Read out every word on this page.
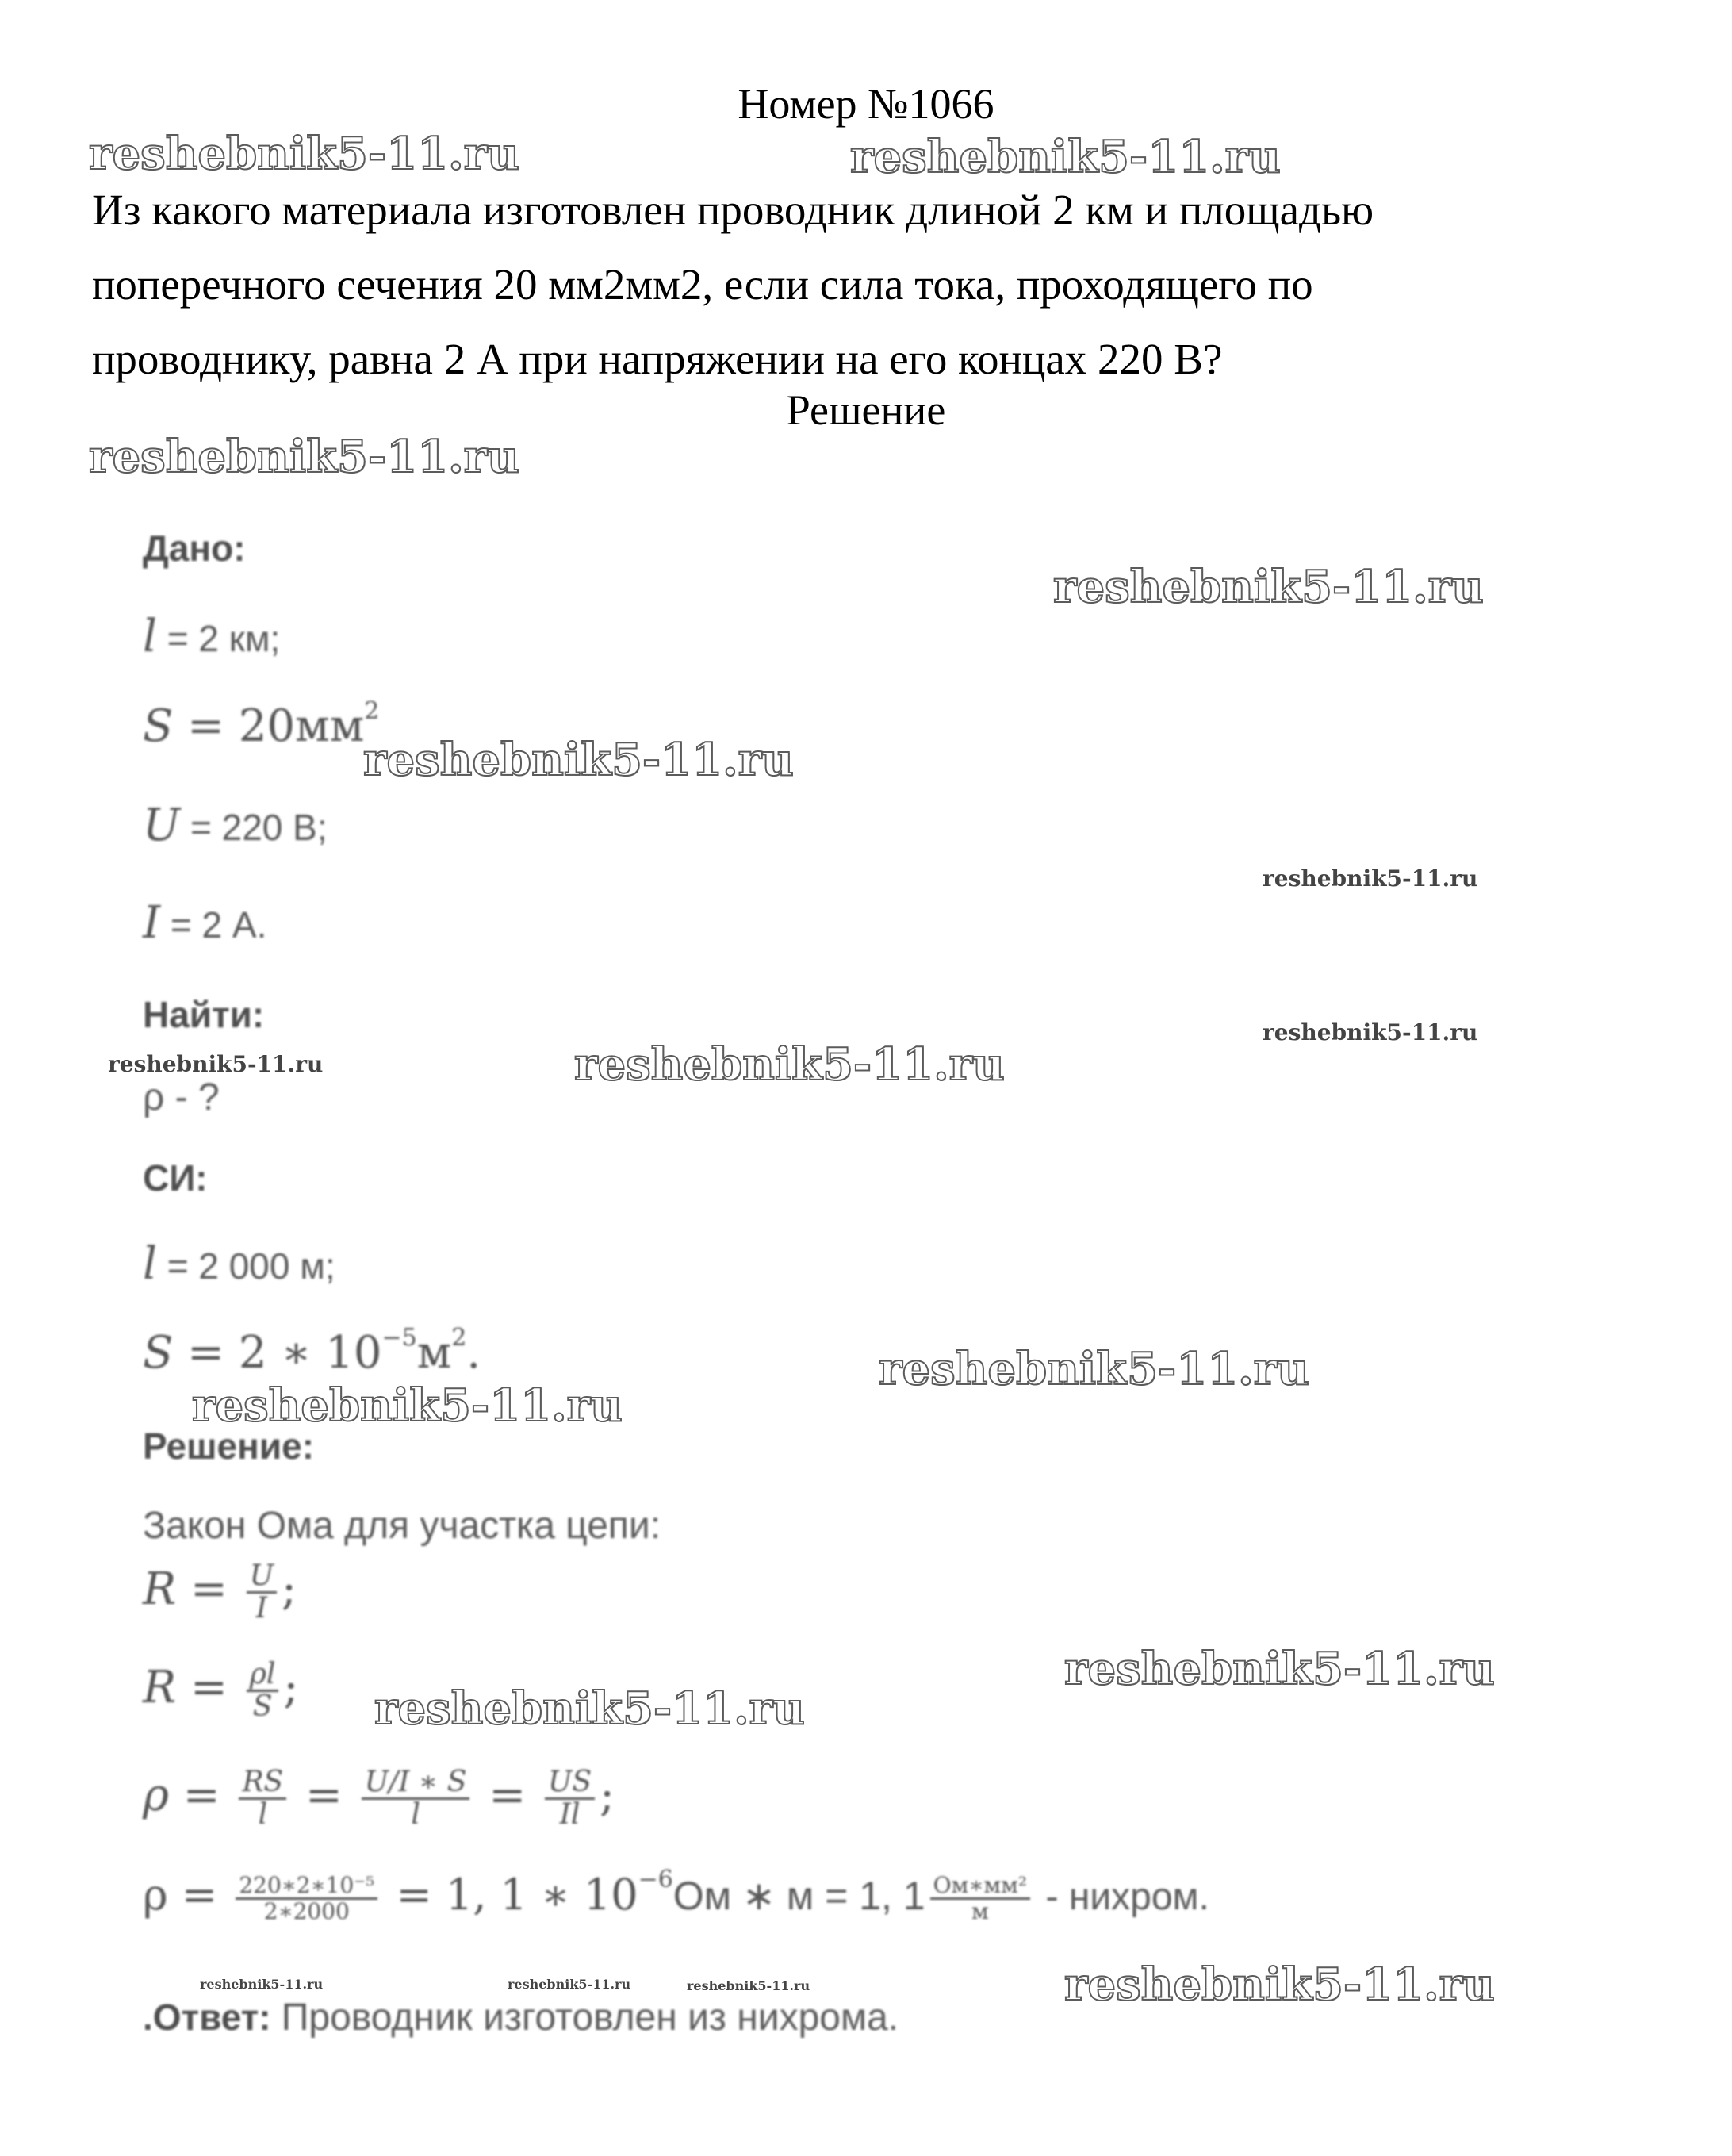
Номер №1066
Из какого материала изготовлен проводник длиной 2 км и площадью
поперечного сечения 20 мм2мм2, если сила тока, проходящего по
проводнику, равна 2 А при напряжении на его концах 220 В?
Решение
Дано:
l = 2 км;
$S = 20мм^2$
U = 220 В;
I = 2 А.
Найти:
ρ - ?
СИ:
l = 2 000 м;
S = 2 ∗ $10^{-5}м^2$.
Решение:
Закон Ома для участка цепи:
$R = \frac{U}{I}$ ;
$R = \frac{\rho l}{S}$ ;
$\rho = \frac{RS}{l} = \frac{U/I ∗ S}{l} = \frac{US}{Il}$ ;
$\rho = \frac{\text{220∗2∗10⁻⁵}}{2∗2000} = 1$, 1 ∗ $10^{-6}Ом$ ∗ м = 1, $1 \frac{\text{Ом∗мм²}}{м}$ - нихром.
.Ответ: Проводник изготовлен из нихрома.
reshebnik5-11.ru	reshebnik5-11.ru
reshebnik5-11.ru
reshebnik5-11.ru
reshebnik5-11.ru
reshebnik5-11.ru
reshebnik5-11.ru
reshebnik5-11.ru	reshebnik5-11.ru
reshebnik5-11.ru
reshebnik5-11.ru
reshebnik5-11.ru
reshebnik5-11.ru
reshebnik5-11.ru
reshebnik5-11.ru	reshebnik5-11.ru	reshebnik5-11.ru
